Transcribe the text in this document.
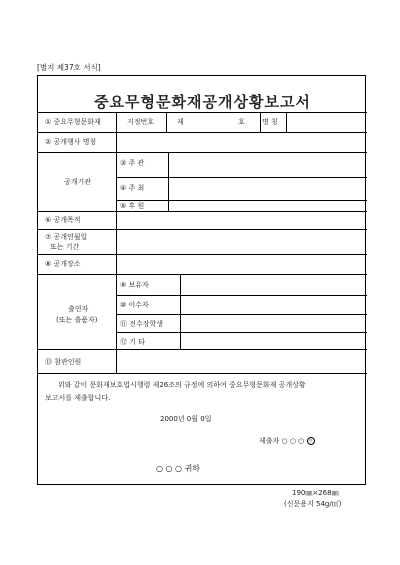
[별지 제37호 서식]
중요무형문화재공개상황보고서
① 중요무형문화재	지정번호	제	호 명 칭
② 공개행사 명칭
공개기관
③ 주 관
④ 주 최
⑤ 후 원
⑥ 공개목적
⑦ 공개연월일
또는 기간
⑧ 공개장소
출연자
(또는 출품자)
⑨ 보유자
⑩ 이수자
⑪ 전수장학생
⑫ 기 타
⑬ 참관인원
위와 같이 문화재보호법시행령 제26조의 규정에 의하여 중요무형문화재 공개상황
보고서를 제출합니다.
2000년 0월 0일
제출자 ○ ○ ○ 인
○ ○ ○ 귀하
190㎜×268㎜
(신문용지 54g/㎡)
